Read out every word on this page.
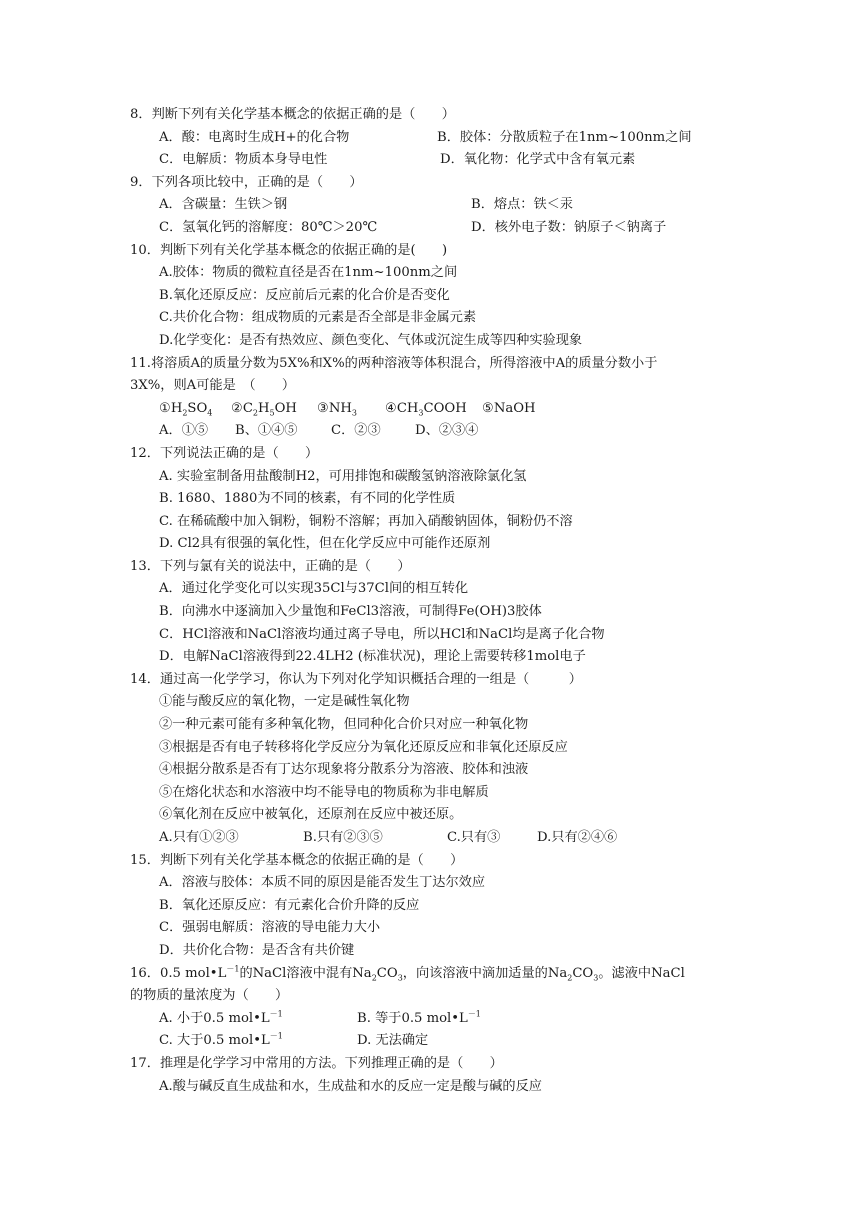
8．判断下列有关化学基本概念的依据正确的是（　　）
A．酸：电离时生成H+的化合物	B．胶体：分散质粒子在1nm~100nm之间
C．电解质：物质本身导电性	D．氧化物：化学式中含有氧元素
9．下列各项比较中，正确的是（　　）
A．含碳量：生铁＞钢	B．熔点：铁＜汞
C．氢氧化钙的溶解度：80℃＞20℃	D．核外电子数：钠原子＜钠离子
10．判断下列有关化学基本概念的依据正确的是(　　)
A.胶体：物质的微粒直径是否在1nm~100nm之间
B.氧化还原反应：反应前后元素的化合价是否变化
C.共价化合物：组成物质的元素是否全部是非金属元素
D.化学变化：是否有热效应、颜色变化、气体或沉淀生成等四种实验现象
11.将溶质A的质量分数为5X%和X%的两种溶液等体积混合，所得溶液中A的质量分数小于
3X%，则A可能是　（　　）
$①H_2SO_4$	$②C_2H_5OH$	$③NH_3$	$④CH_3COOH$	⑤NaOH
A．①⑤	B、①④⑤	C．②③	D、②③④
12．下列说法正确的是（　　）
A. 实验室制备用盐酸制H2，可用排饱和碳酸氢钠溶液除氯化氢
B. 1680、1880为不同的核素，有不同的化学性质
C. 在稀硫酸中加入铜粉，铜粉不溶解；再加入硝酸钠固体，铜粉仍不溶
D. Cl2具有很强的氧化性，但在化学反应中可能作还原剂
13．下列与氯有关的说法中，正确的是（　　）
A．通过化学变化可以实现35Cl与37Cl间的相互转化
B．向沸水中逐滴加入少量饱和FeCl3溶液，可制得Fe(OH)3胶体
C．HCl溶液和NaCl溶液均通过离子导电，所以HCl和NaCl均是离子化合物
D．电解NaCl溶液得到22.4LH2 (标准状况)，理论上需要转移1mol电子
14．通过高一化学学习，你认为下列对化学知识概括合理的一组是（　　　）
①能与酸反应的氧化物，一定是碱性氧化物
②一种元素可能有多种氧化物，但同种化合价只对应一种氧化物
③根据是否有电子转移将化学反应分为氧化还原反应和非氧化还原反应
④根据分散系是否有丁达尔现象将分散系分为溶液、胶体和浊液
⑤在熔化状态和水溶液中均不能导电的物质称为非电解质
⑥氧化剂在反应中被氧化，还原剂在反应中被还原。
A.只有①②③	B.只有②③⑤	C.只有③	D.只有②④⑥
15．判断下列有关化学基本概念的依据正确的是（　　）
A．溶液与胶体：本质不同的原因是能否发生丁达尔效应
B．氧化还原反应：有元素化合价升降的反应
C．强弱电解质：溶液的导电能力大小
D．共价化合物：是否含有共价键
16．0.5 $mol•L^{-1}$的NaCl溶液中混有$Na_2CO_3$，向该溶液中滴加适量的$Na_2CO_3$。滤液中NaCl
的物质的量浓度为（　　）
A. 小于0.5 $mol•L^{-1}$	B. 等于0.5 $mol•L^{-1}$
C. 大于0.5 $mol•L^{-1}$	D. 无法确定
17．推理是化学学习中常用的方法。下列推理正确的是（　　）
A.酸与碱反直生成盐和水，生成盐和水的反应一定是酸与碱的反应
